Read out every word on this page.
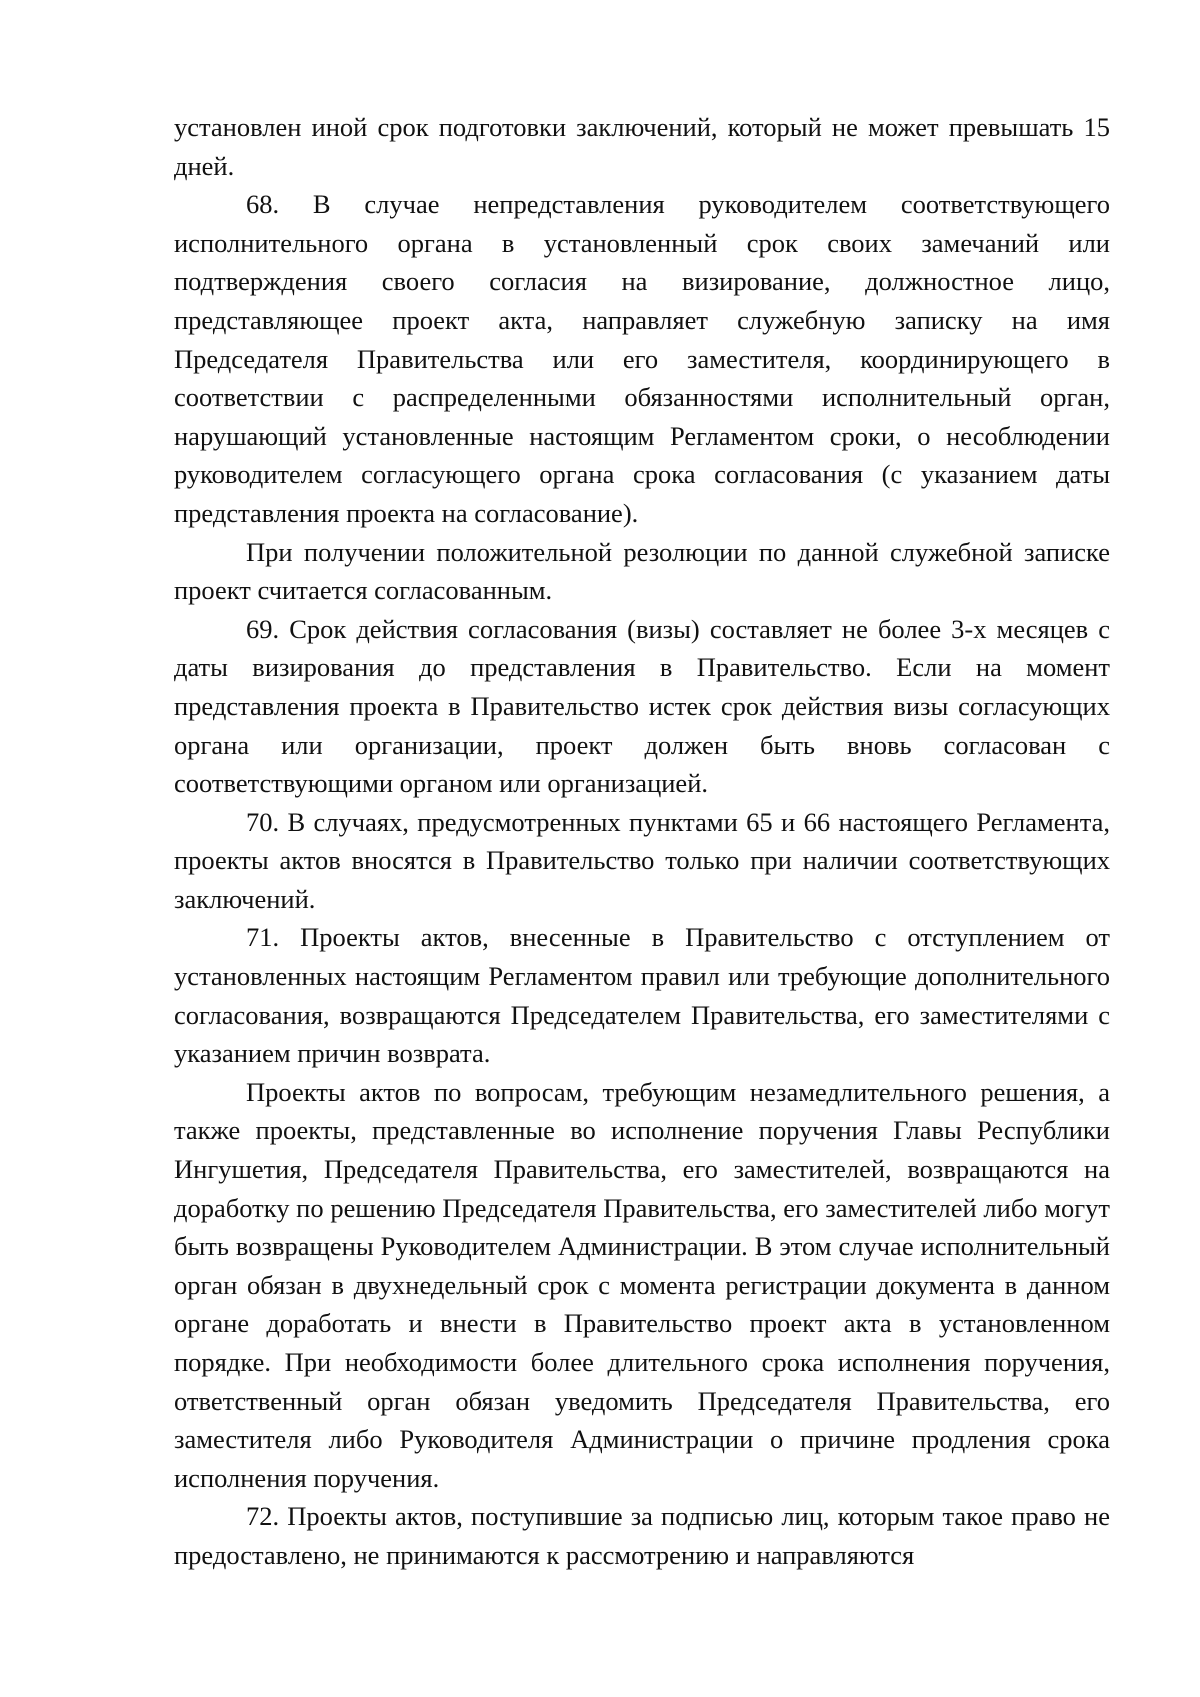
установлен иной срок подготовки заключений, который не может превышать 15 дней.

68. В случае непредставления руководителем соответствующего исполнительного органа в установленный срок своих замечаний или подтверждения своего согласия на визирование, должностное лицо, представляющее проект акта, направляет служебную записку на имя Председателя Правительства или его заместителя, координирующего в соответствии с распределенными обязанностями исполнительный орган, нарушающий установленные настоящим Регламентом сроки, о несоблюдении руководителем согласующего органа срока согласования (с указанием даты представления проекта на согласование).

При получении положительной резолюции по данной служебной записке проект считается согласованным.

69. Срок действия согласования (визы) составляет не более 3-х месяцев с даты визирования до представления в Правительство. Если на момент представления проекта в Правительство истек срок действия визы согласующих органа или организации, проект должен быть вновь согласован с соответствующими органом или организацией.

70. В случаях, предусмотренных пунктами 65 и 66 настоящего Регламента, проекты актов вносятся в Правительство только при наличии соответствующих заключений.

71. Проекты актов, внесенные в Правительство с отступлением от установленных настоящим Регламентом правил или требующие дополнительного согласования, возвращаются Председателем Правительства, его заместителями с указанием причин возврата.

Проекты актов по вопросам, требующим незамедлительного решения, а также проекты, представленные во исполнение поручения Главы Республики Ингушетия, Председателя Правительства, его заместителей, возвращаются на доработку по решению Председателя Правительства, его заместителей либо могут быть возвращены Руководителем Администрации. В этом случае исполнительный орган обязан в двухнедельный срок с момента регистрации документа в данном органе доработать и внести в Правительство проект акта в установленном порядке. При необходимости более длительного срока исполнения поручения, ответственный орган обязан уведомить Председателя Правительства, его заместителя либо Руководителя Администрации о причине продления срока исполнения поручения.

72. Проекты актов, поступившие за подписью лиц, которым такое право не предоставлено, не принимаются к рассмотрению и направляются
